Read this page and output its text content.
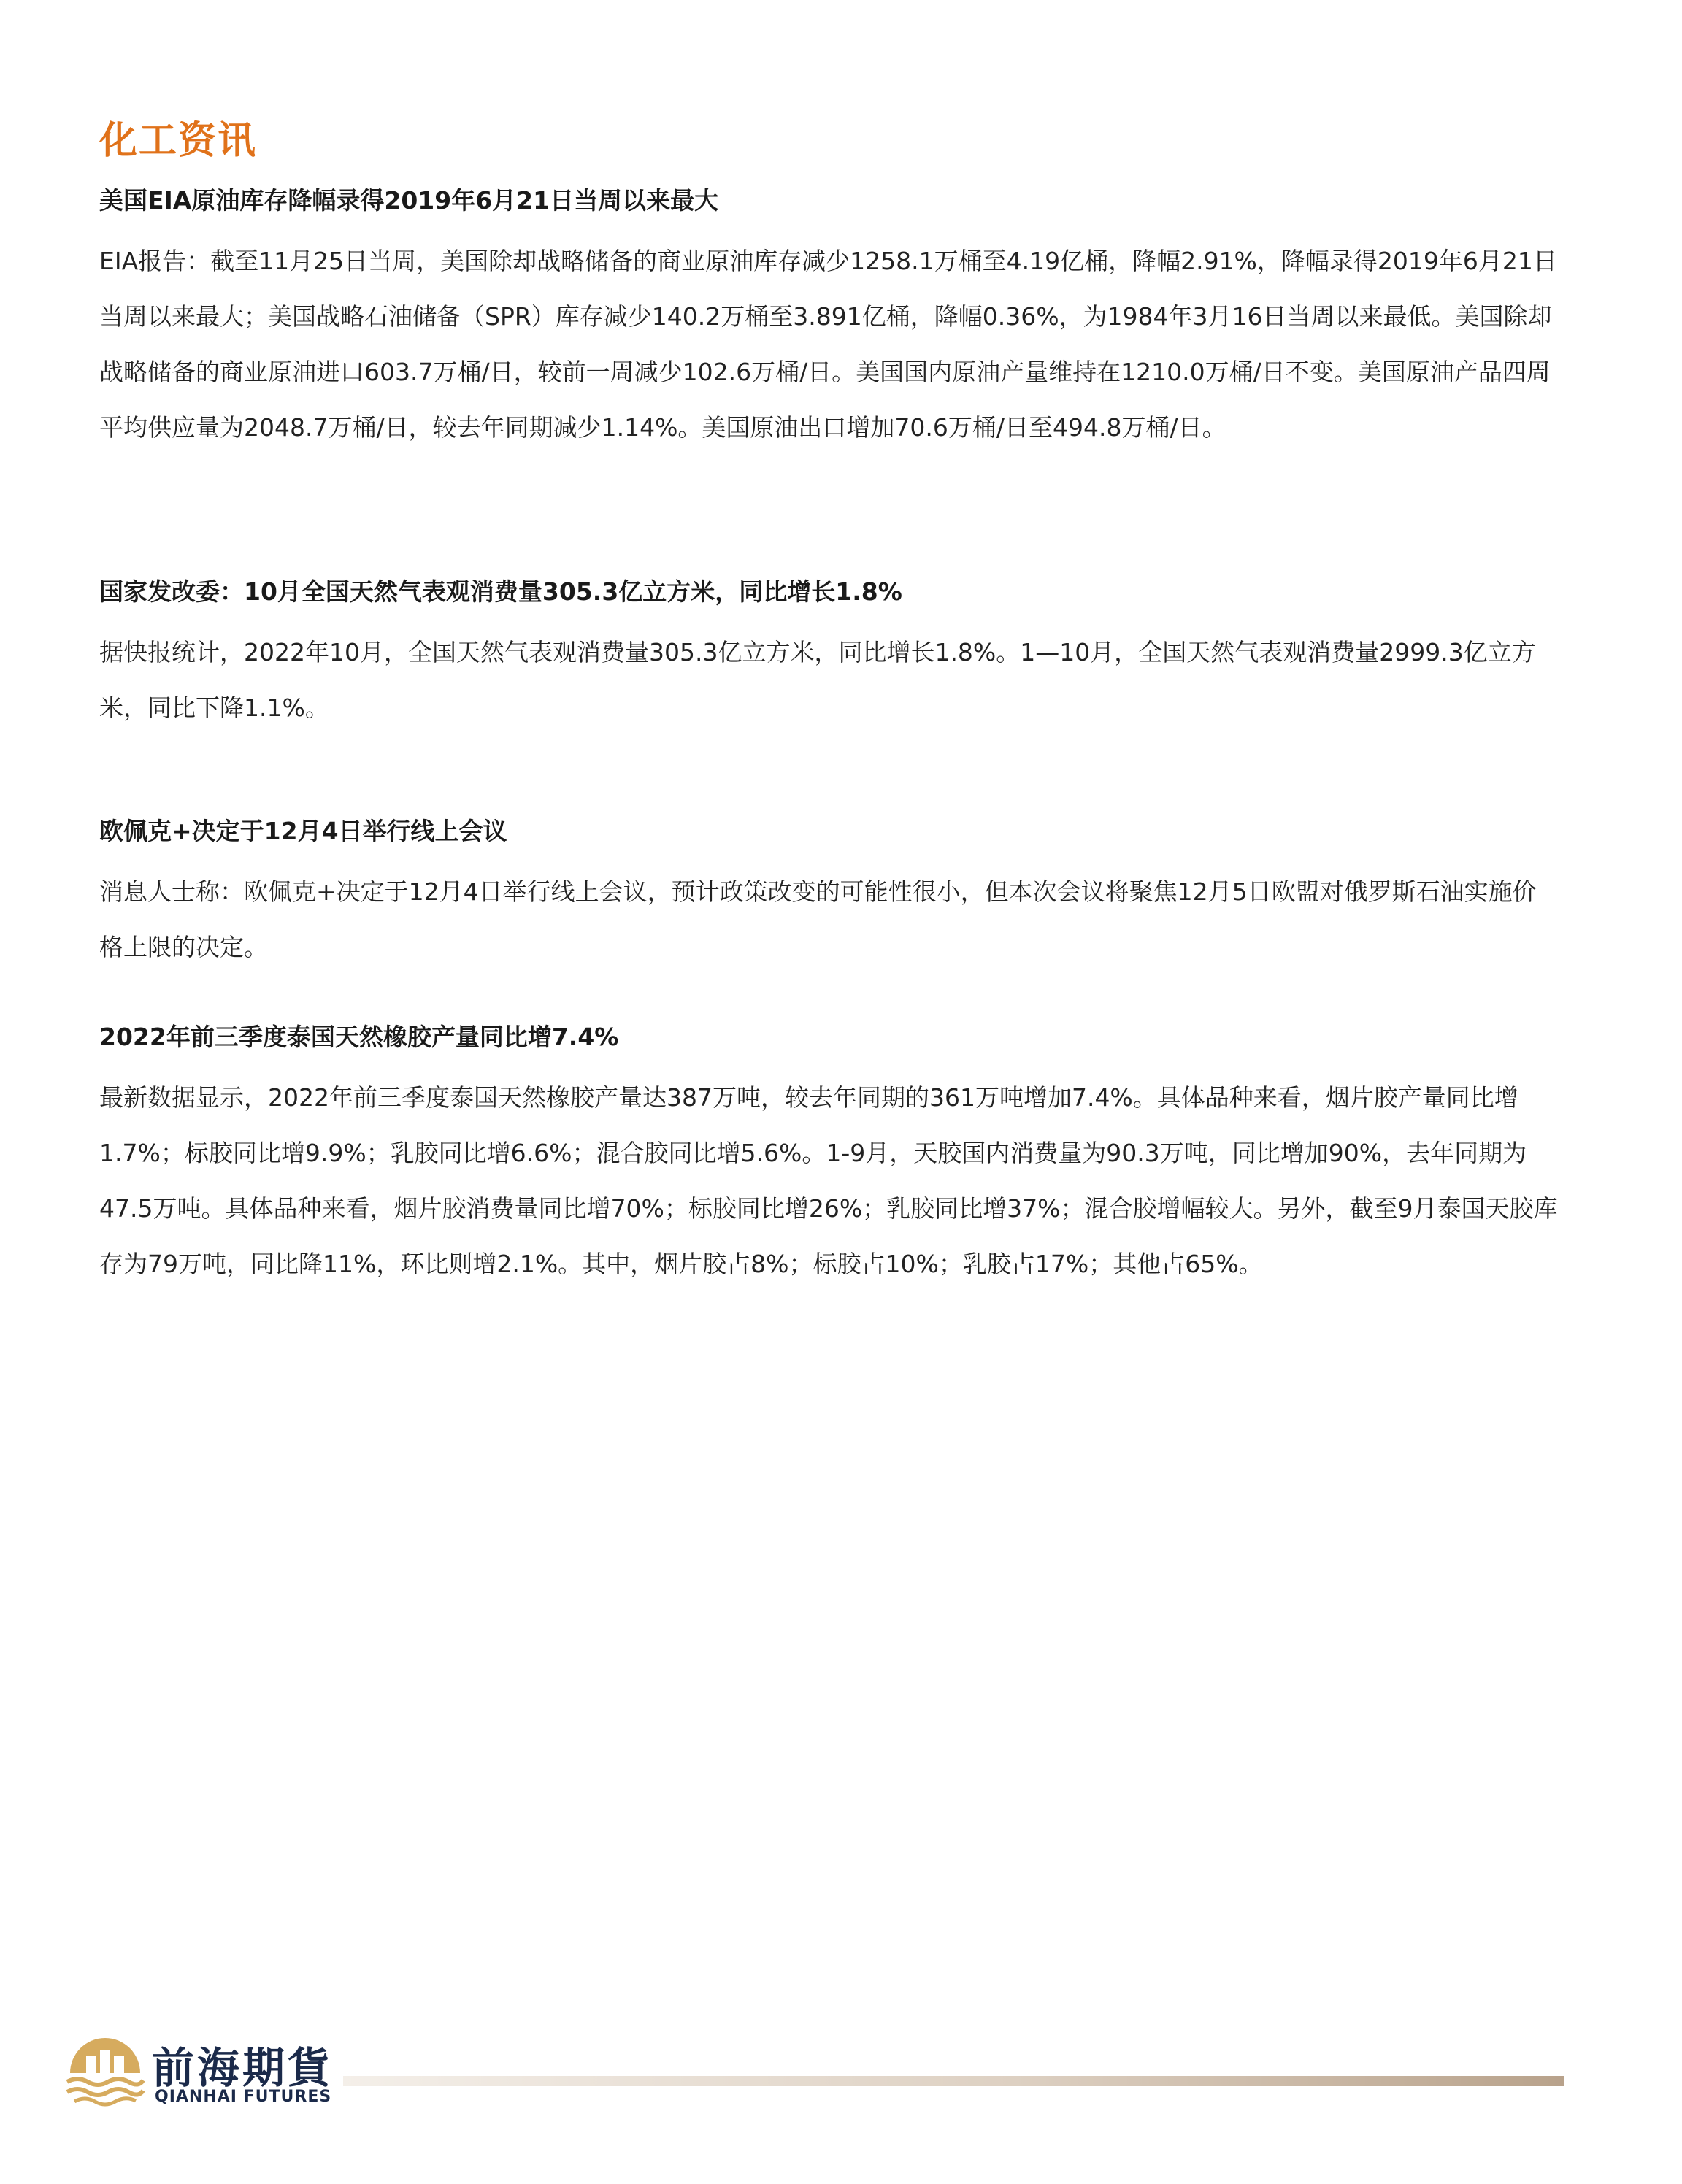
化工资讯
美国EIA原油库存降幅录得2019年6月21日当周以来最大

EIA报告：截至11月25日当周，美国除却战略储备的商业原油库存减少1258.1万桶至4.19亿桶，降幅2.91%，降幅录得2019年6月21日当周以来最大；美国战略石油储备（SPR）库存减少140.2万桶至3.891亿桶，降幅0.36%，为1984年3月16日当周以来最低。美国除却战略储备的商业原油进口603.7万桶/日，较前一周减少102.6万桶/日。美国国内原油产量维持在1210.0万桶/日不变。美国原油产品四周平均供应量为2048.7万桶/日，较去年同期减少1.14%。美国原油出口增加70.6万桶/日至494.8万桶/日。

国家发改委：10月全国天然气表观消费量305.3亿立方米，同比增长1.8%

据快报统计，2022年10月，全国天然气表观消费量305.3亿立方米，同比增长1.8%。1—10月，全国天然气表观消费量2999.3亿立方米，同比下降1.1%。

欧佩克+决定于12月4日举行线上会议

消息人士称：欧佩克+决定于12月4日举行线上会议，预计政策改变的可能性很小，但本次会议将聚焦12月5日欧盟对俄罗斯石油实施价格上限的决定。

2022年前三季度泰国天然橡胶产量同比增7.4%

最新数据显示，2022年前三季度泰国天然橡胶产量达387万吨，较去年同期的361万吨增加7.4%。具体品种来看，烟片胶产量同比增1.7%；标胶同比增9.9%；乳胶同比增6.6%；混合胶同比增5.6%。1-9月，天胶国内消费量为90.3万吨，同比增加90%，去年同期为47.5万吨。具体品种来看，烟片胶消费量同比增70%；标胶同比增26%；乳胶同比增37%；混合胶增幅较大。另外，截至9月泰国天胶库存为79万吨，同比降11%，环比则增2.1%。其中，烟片胶占8%；标胶占10%；乳胶占17%；其他占65%。

前海期貨
QIANHAI FUTURES
